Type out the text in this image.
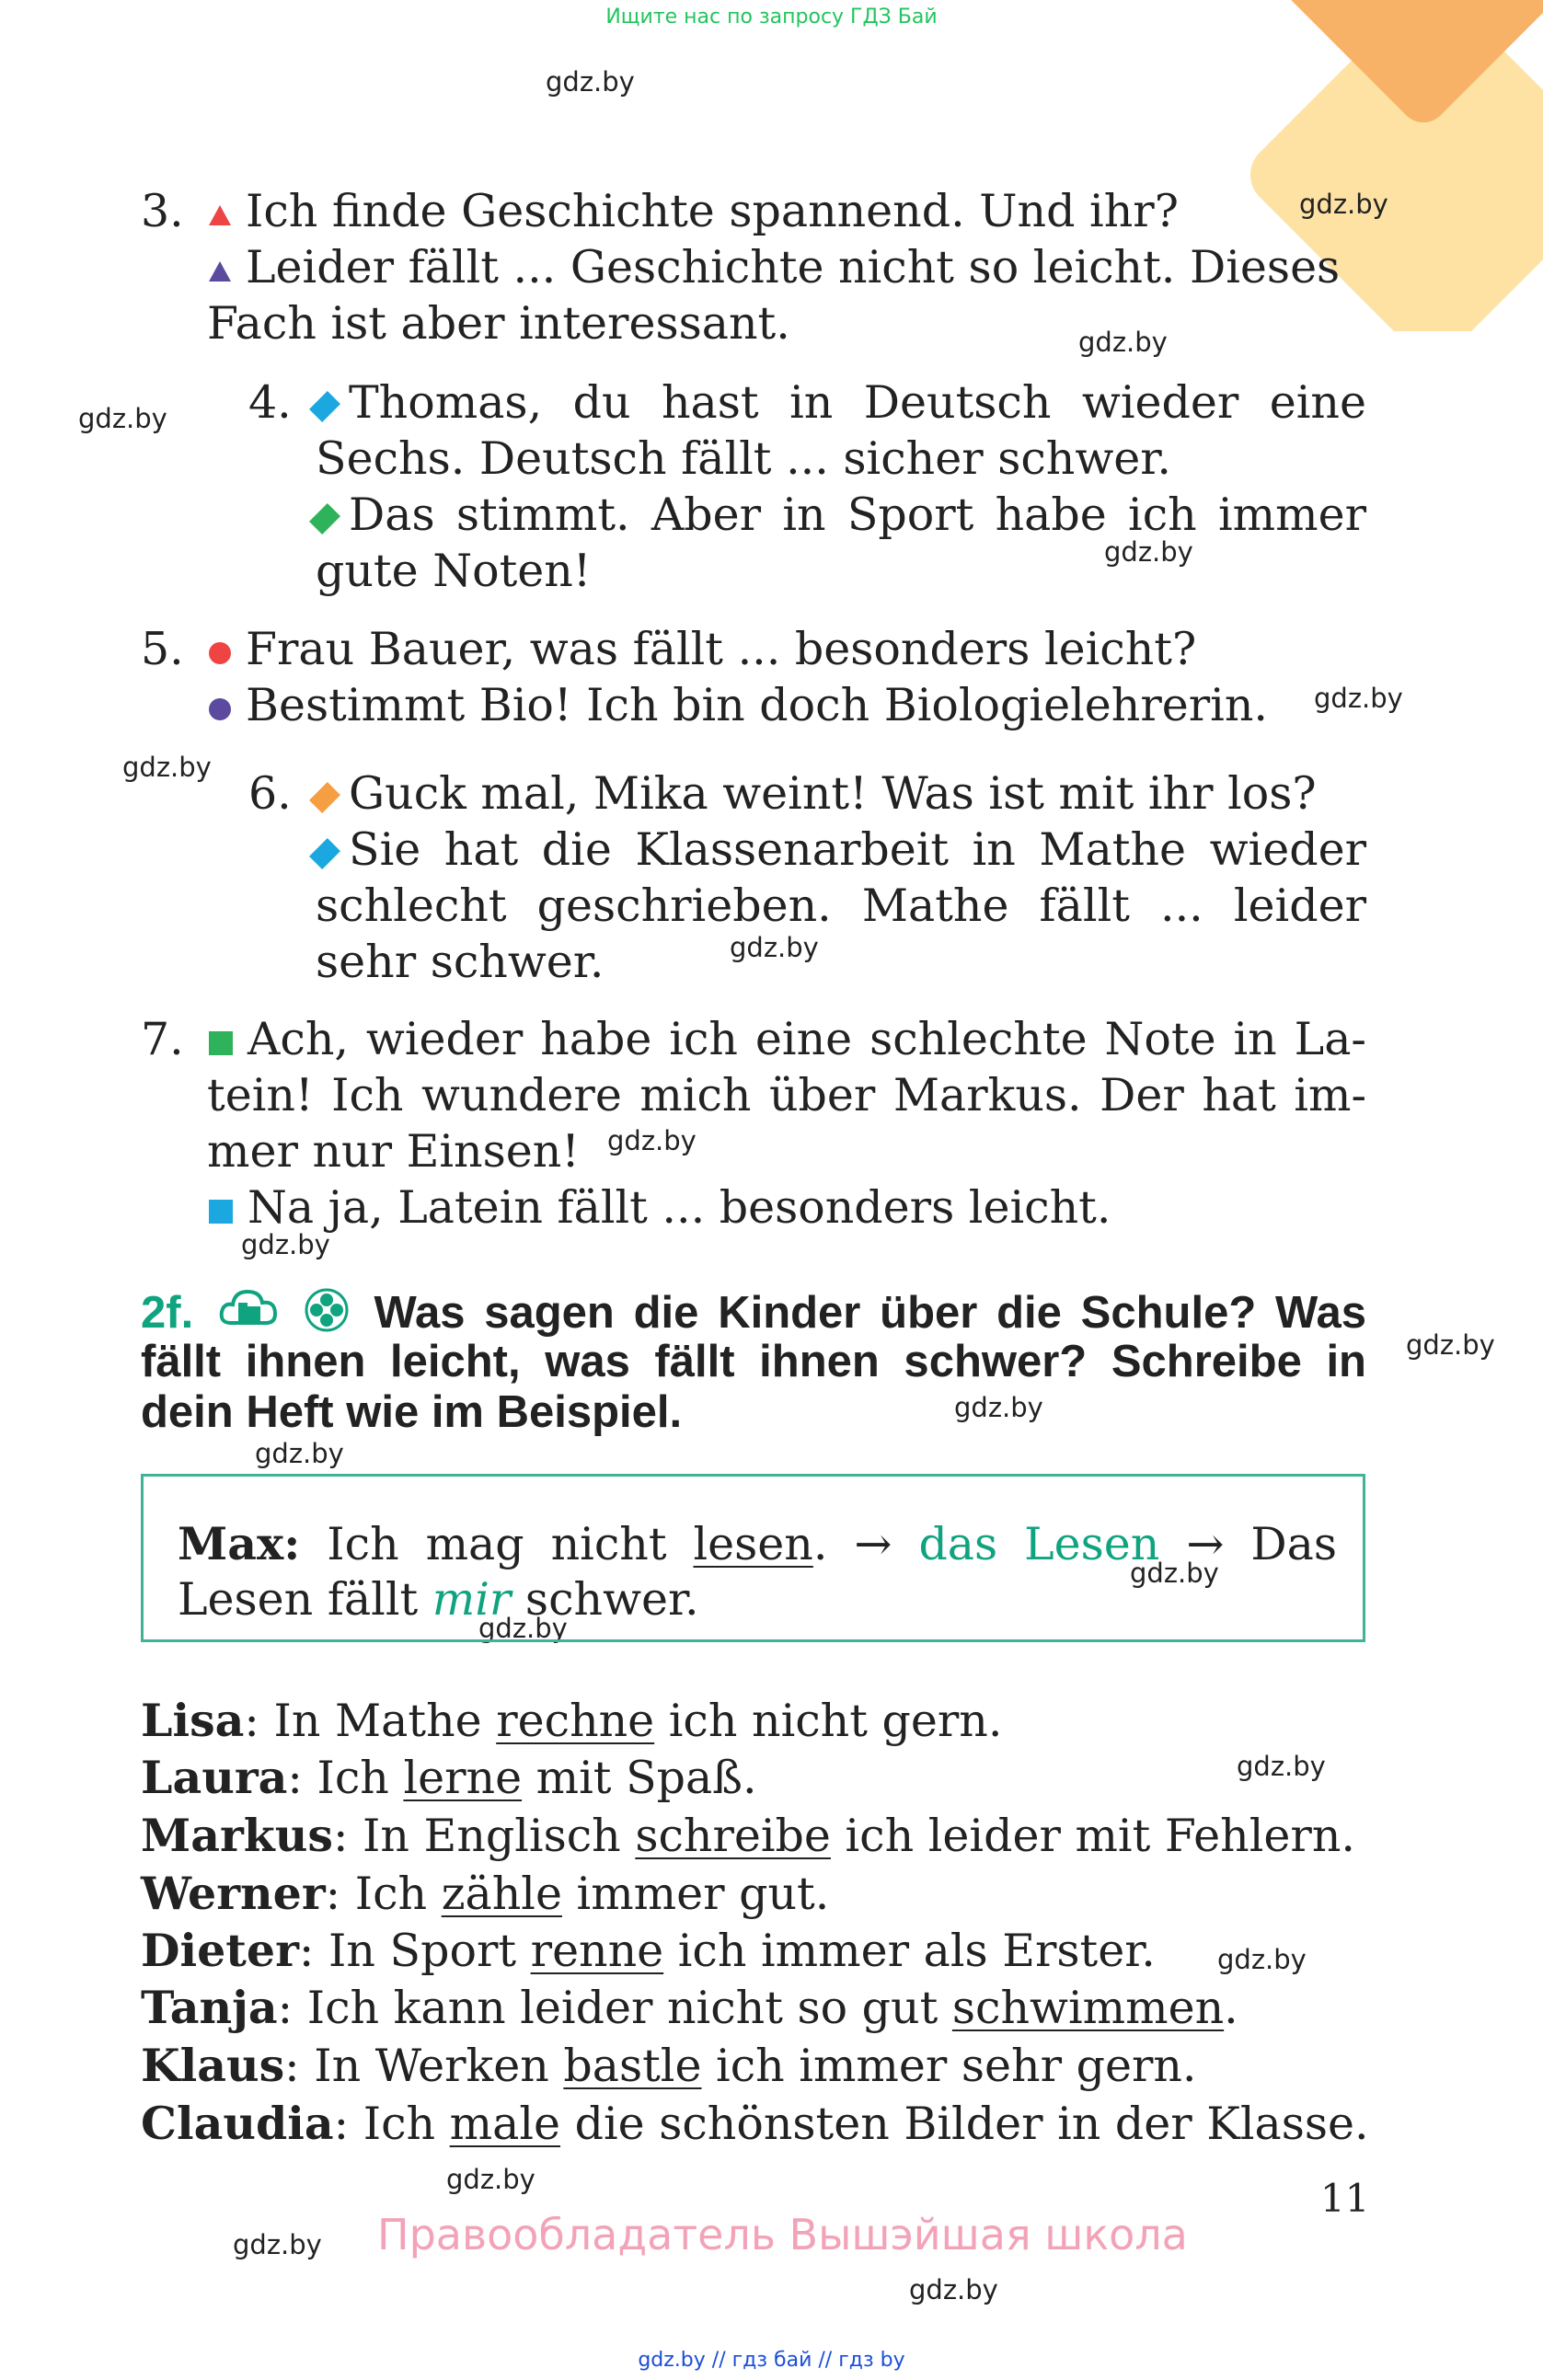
Ищите нас по запросу ГДЗ Бай
gdz.by
gdz.by
gdz.by
gdz.by
gdz.by
gdz.by
gdz.by
gdz.by
gdz.by
gdz.by
gdz.by
gdz.by
gdz.by
gdz.by
gdz.by
gdz.by
gdz.by
gdz.by
gdz.by
gdz.by
3.	Ich finde Geschichte spannend. Und ihr?
Leider fällt ... Geschichte nicht so leicht. Dieses
Fach ist aber interessant.
4.	Thomas, du hast in Deutsch wieder eine
Sechs. Deutsch fällt ... sicher schwer.
Das stimmt. Aber in Sport habe ich immer
gute Noten!
5.	Frau Bauer, was fällt ... besonders leicht?
Bestimmt Bio! Ich bin doch Biologielehrerin.
6.	Guck mal, Mika weint! Was ist mit ihr los?
Sie hat die Klassenarbeit in Mathe wieder
schlecht geschrieben. Mathe fällt ... leider
sehr schwer.
7.	Ach, wieder habe ich eine schlechte Note in La-
tein! Ich wundere mich über Markus. Der hat im-
mer nur Einsen!
Na ja, Latein fällt ... besonders leicht.
2f.	Was sagen die Kinder über die Schule? Was
fällt ihnen leicht, was fällt ihnen schwer? Schreibe in
dein Heft wie im Beispiel.
Max: Ich mag nicht lesen. → das Lesen → Das
Lesen fällt mir schwer.
Lisa: In Mathe rechne ich nicht gern.
Laura: Ich lerne mit Spaß.
Markus: In Englisch schreibe ich leider mit Fehlern.
Werner: Ich zähle immer gut.
Dieter: In Sport renne ich immer als Erster.
Tanja: Ich kann leider nicht so gut schwimmen.
Klaus: In Werken bastle ich immer sehr gern.
Claudia: Ich male die schönsten Bilder in der Klasse.
11
Правообладатель Вышэйшая школа
gdz.by // гдз бай // гдз by
